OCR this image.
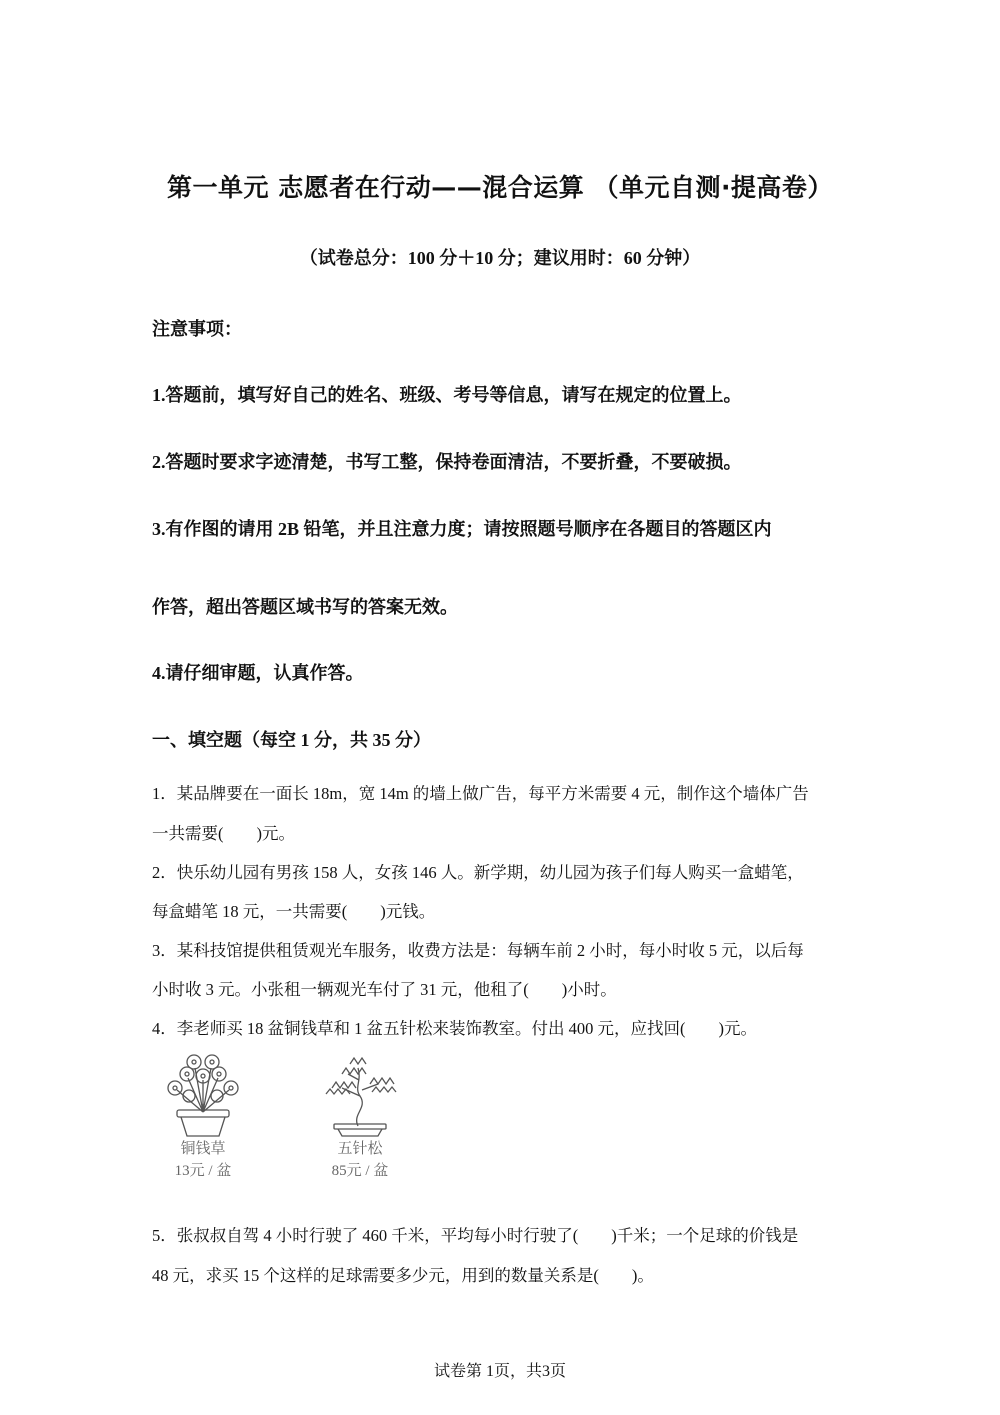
第一单元 志愿者在行动——混合运算 （单元自测·提高卷）
（试卷总分：100 分＋10 分；建议用时：60 分钟）
注意事项：
1.答题前，填写好自己的姓名、班级、考号等信息，请写在规定的位置上。
2.答题时要求字迹清楚，书写工整，保持卷面清洁，不要折叠，不要破损。
3.有作图的请用 2B 铅笔，并且注意力度；请按照题号顺序在各题目的答题区内
作答，超出答题区域书写的答案无效。
4.请仔细审题，认真作答。
一、填空题（每空 1 分，共 35 分）
1．某品牌要在一面长 18m，宽 14m 的墙上做广告，每平方米需要 4 元，制作这个墙体广告
一共需要(　　)元。
2．快乐幼儿园有男孩 158 人，女孩 146 人。新学期，幼儿园为孩子们每人购买一盒蜡笔，
每盒蜡笔 18 元，一共需要(　　)元钱。
3．某科技馆提供租赁观光车服务，收费方法是：每辆车前 2 小时，每小时收 5 元，以后每
小时收 3 元。小张租一辆观光车付了 31 元，他租了(　　)小时。
4．李老师买 18 盆铜钱草和 1 盆五针松来装饰教室。付出 400 元，应找回(　　)元。
铜钱草
13元 / 盆
五针松
85元 / 盆
5．张叔叔自驾 4 小时行驶了 460 千米，平均每小时行驶了(　　)千米；一个足球的价钱是
48 元，求买 15 个这样的足球需要多少元，用到的数量关系是(　　)。
试卷第 1页，共3页
